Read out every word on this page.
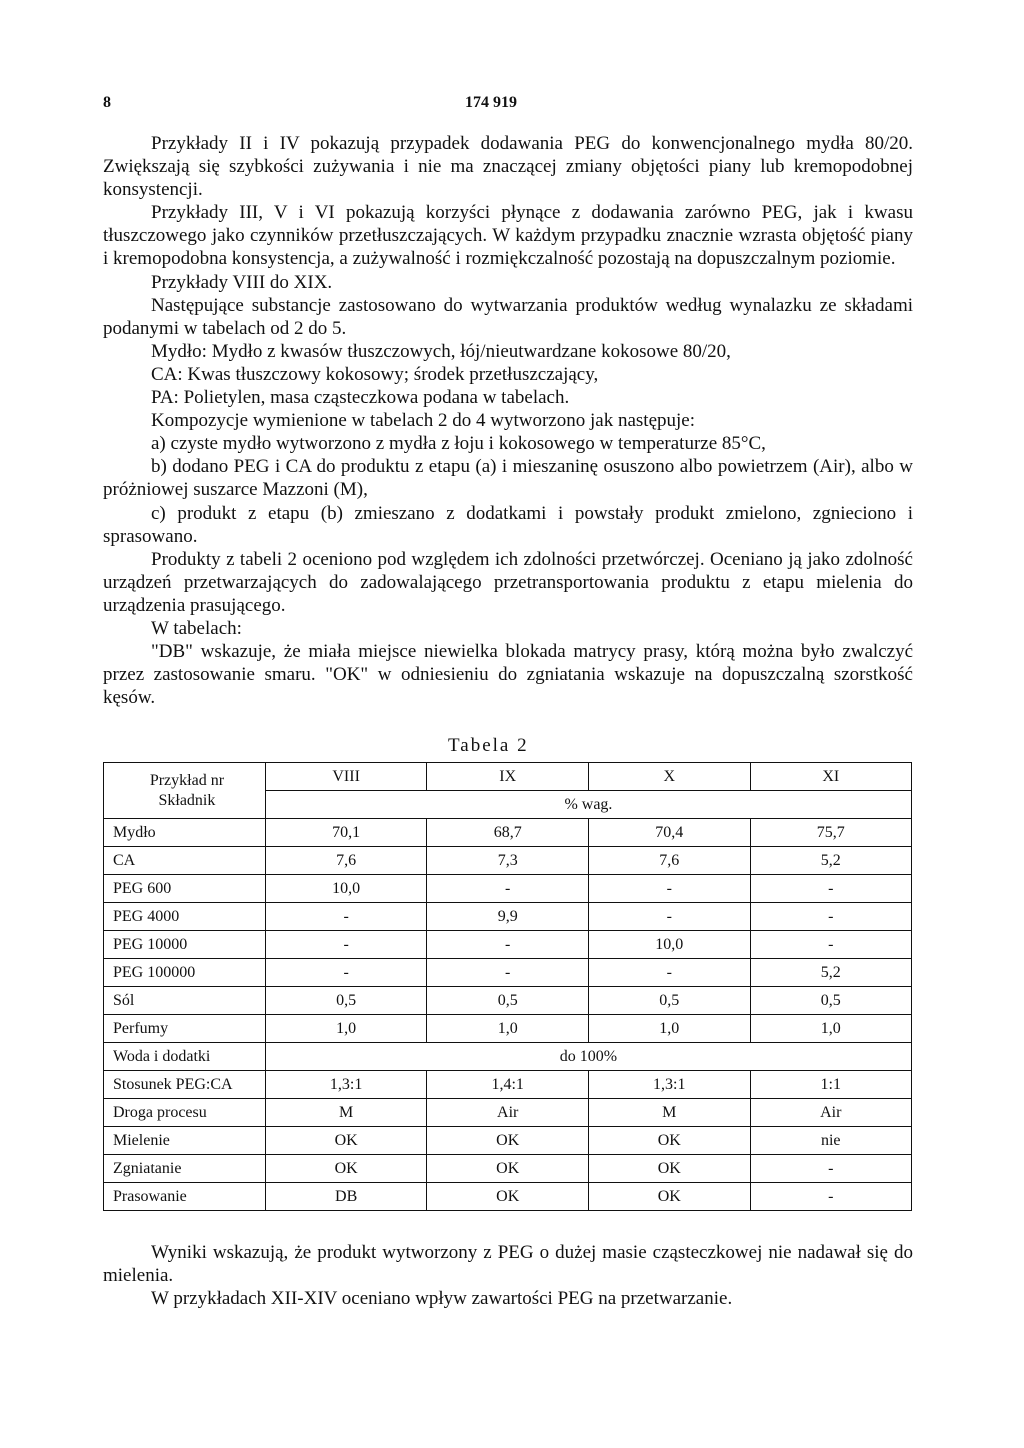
8	174 919

Przykłady II i IV pokazują przypadek dodawania PEG do konwencjonalnego mydła 80/20. Zwiększają się szybkości zużywania i nie ma znaczącej zmiany objętości piany lub kremopodobnej konsystencji.

Przykłady III, V i VI pokazują korzyści płynące z dodawania zarówno PEG, jak i kwasu tłuszczowego jako czynników przetłuszczających. W każdym przypadku znacznie wzrasta objętość piany i kremopodobna konsystencja, a zużywalność i rozmiękczalność pozostają na dopuszczalnym poziomie.

Przykłady VIII do XIX.

Następujące substancje zastosowano do wytwarzania produktów według wynalazku ze składami podanymi w tabelach od 2 do 5.

Mydło: Mydło z kwasów tłuszczowych, łój/nieutwardzane kokosowe 80/20,

CA: Kwas tłuszczowy kokosowy; środek przetłuszczający,

PA: Polietylen, masa cząsteczkowa podana w tabelach.

Kompozycje wymienione w tabelach 2 do 4 wytworzono jak następuje:

a) czyste mydło wytworzono z mydła z łoju i kokosowego w temperaturze 85°C,

b) dodano PEG i CA do produktu z etapu (a) i mieszaninę osuszono albo powietrzem (Air), albo w próżniowej suszarce Mazzoni (M),

c) produkt z etapu (b) zmieszano z dodatkami i powstały produkt zmielono, zgnieciono i sprasowano.

Produkty z tabeli 2 oceniono pod względem ich zdolności przetwórczej. Oceniano ją jako zdolność urządzeń przetwarzających do zadowalającego przetransportowania produktu z etapu mielenia do urządzenia prasującego.

W tabelach:

"DB" wskazuje, że miała miejsce niewielka blokada matrycy prasy, którą można było zwalczyć przez zastosowanie smaru. "OK" w odniesieniu do zgniatania wskazuje na dopuszczalną szorstkość kęsów.

Tabela 2
Przykład nr
Składnik	VIII	IX	X	XI
	% wag.			
Mydło	70,1	68,7	70,4	75,7
CA	7,6	7,3	7,6	5,2
PEG 600	10,0	-	-	-
PEG 4000	-	9,9	-	-
PEG 10000	-	-	10,0	-
PEG 100000	-	-	-	5,2
Sól	0,5	0,5	0,5	0,5
Perfumy	1,0	1,0	1,0	1,0
Woda i dodatki	do 100%			
Stosunek PEG:CA	1,3:1	1,4:1	1,3:1	1:1
Droga procesu	M	Air	M	Air
Mielenie	OK	OK	OK	nie
Zgniatanie	OK	OK	OK	-
Prasowanie	DB	OK	OK	-

Wyniki wskazują, że produkt wytworzony z PEG o dużej masie cząsteczkowej nie nadawał się do mielenia.

W przykładach XII-XIV oceniano wpływ zawartości PEG na przetwarzanie.
